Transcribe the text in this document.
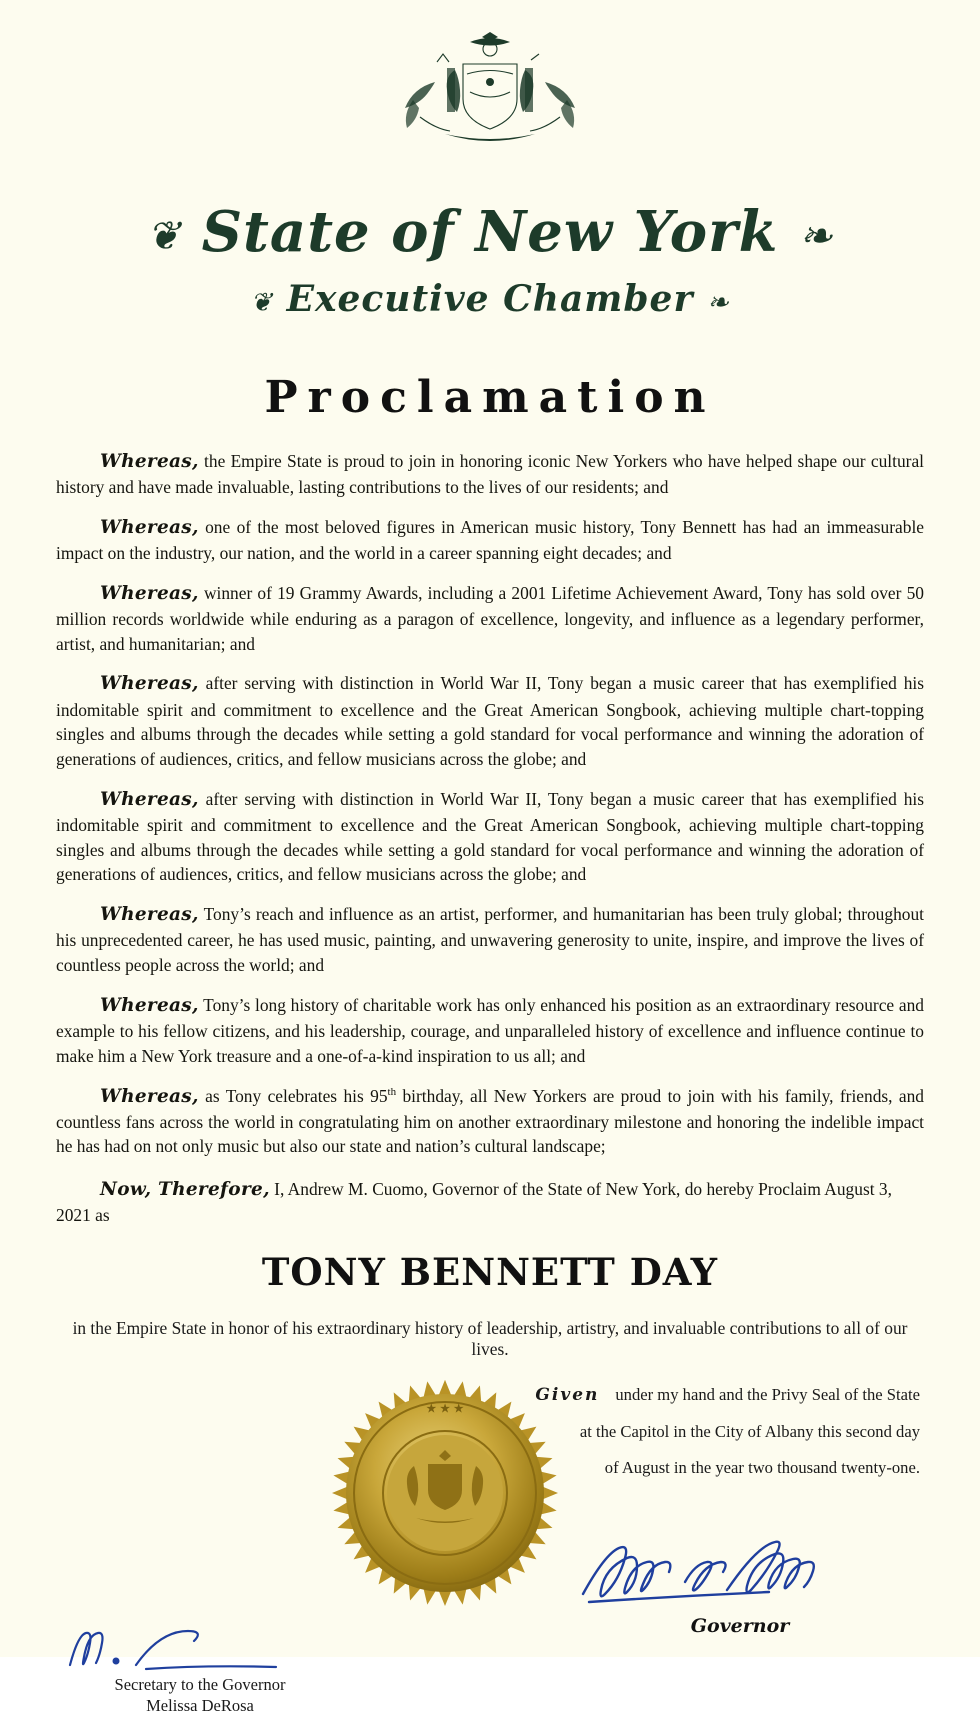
❦ State of New York ❧
❦ Executive Chamber ❧
Proclamation

Whereas, the Empire State is proud to join in honoring iconic New Yorkers who have helped shape our cultural history and have made invaluable, lasting contributions to the lives of our residents; and

Whereas, one of the most beloved figures in American music history, Tony Bennett has had an immeasurable impact on the industry, our nation, and the world in a career spanning eight decades; and

Whereas, winner of 19 Grammy Awards, including a 2001 Lifetime Achievement Award, Tony has sold over 50 million records worldwide while enduring as a paragon of excellence, longevity, and influence as a legendary performer, artist, and humanitarian; and

Whereas, after serving with distinction in World War II, Tony began a music career that has exemplified his indomitable spirit and commitment to excellence and the Great American Songbook, achieving multiple chart-topping singles and albums through the decades while setting a gold standard for vocal performance and winning the adoration of generations of audiences, critics, and fellow musicians across the globe; and

Whereas, after serving with distinction in World War II, Tony began a music career that has exemplified his indomitable spirit and commitment to excellence and the Great American Songbook, achieving multiple chart-topping singles and albums through the decades while setting a gold standard for vocal performance and winning the adoration of generations of audiences, critics, and fellow musicians across the globe; and

Whereas, Tony’s reach and influence as an artist, performer, and humanitarian has been truly global; throughout his unprecedented career, he has used music, painting, and unwavering generosity to unite, inspire, and improve the lives of countless people across the world; and

Whereas, Tony’s long history of charitable work has only enhanced his position as an extraordinary resource and example to his fellow citizens, and his leadership, courage, and unparalleled history of excellence and influence continue to make him a New York treasure and a one-of-a-kind inspiration to us all; and

Whereas, as Tony celebrates his 95th birthday, all New Yorkers are proud to join with his family, friends, and countless fans across the world in congratulating him on another extraordinary milestone and honoring the indelible impact he has had on not only music but also our state and nation’s cultural landscape;

Now, Therefore, I, Andrew M. Cuomo, Governor of the State of New York, do hereby Proclaim August 3, 2021 as

TONY BENNETT DAY

in the Empire State in honor of his extraordinary history of leadership, artistry, and invaluable contributions to all of our lives.

★ ★ ★
Given under my hand and the Privy Seal of the State
at the Capitol in the City of Albany this second day
of August in the year two thousand twenty-one.
Governor
Secretary to the Governor
Melissa DeRosa
